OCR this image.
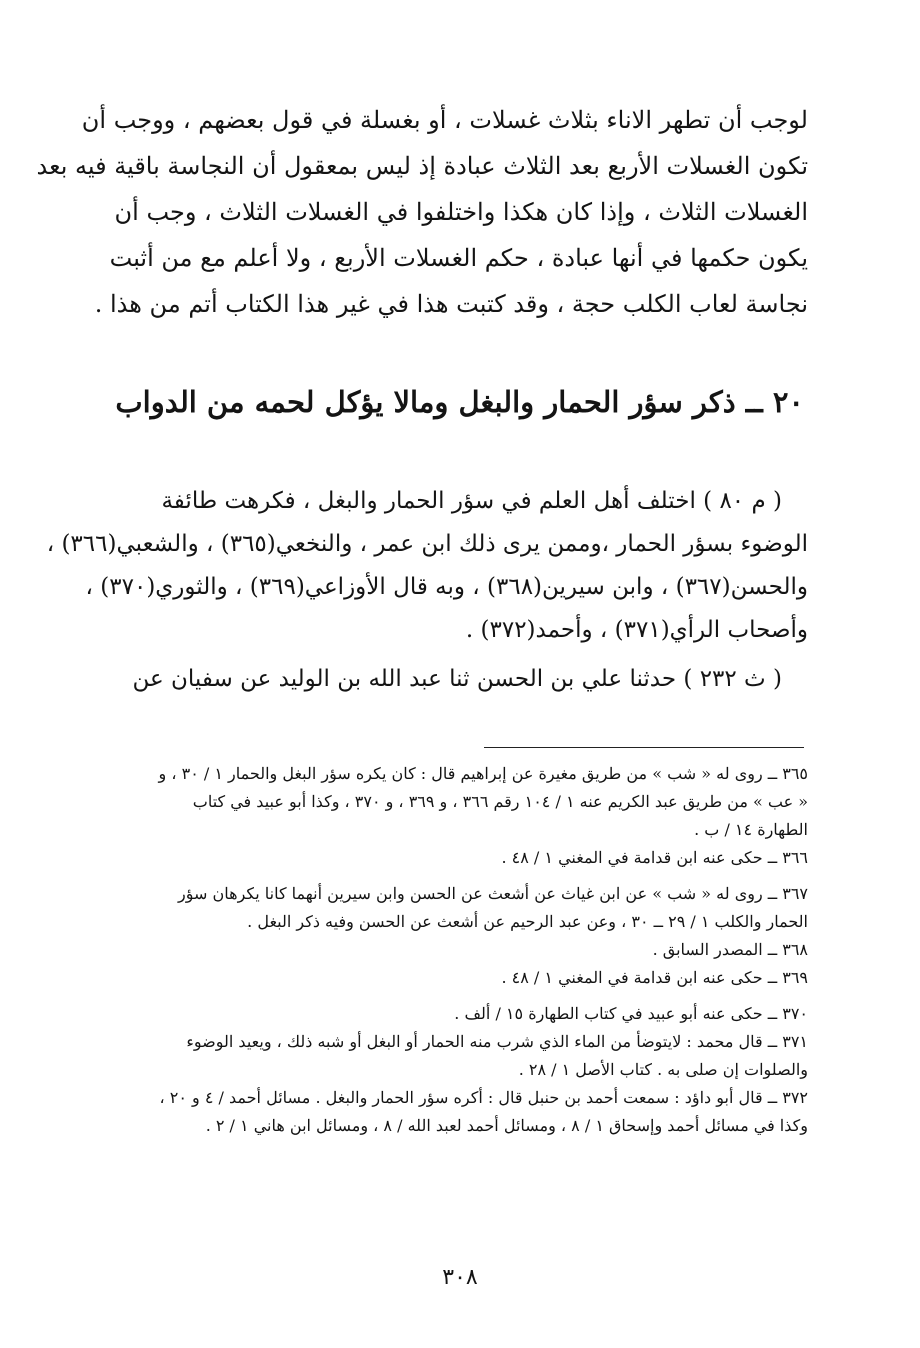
لوجب أن تطهر الاناء بثلاث غسلات ، أو بغسلة في قول بعضهم ، ووجب أن
تكون الغسلات الأربع بعد الثلاث عبادة إذ ليس بمعقول أن النجاسة باقية فيه بعد
الغسلات الثلاث ، وإذا كان هكذا واختلفوا في الغسلات الثلاث ، وجب أن
يكون حكمها في أنها عبادة ، حكم الغسلات الأربع ، ولا أعلم مع من أثبت
نجاسة لعاب الكلب حجة ، وقد كتبت هذا في غير هذا الكتاب أتم من هذا .
٢٠ ــ ذكر سؤر الحمار والبغل ومالا يؤكل لحمه من الدواب
( م ٨٠ ) اختلف أهل العلم في سؤر الحمار والبغل ، فكرهت طائفة
الوضوء بسؤر الحمار ،وممن يرى ذلك ابن عمر ، والنخعي(٣٦٥) ، والشعبي(٣٦٦) ،
والحسن(٣٦٧) ، وابن سيرين(٣٦٨) ، وبه قال الأوزاعي(٣٦٩) ، والثوري(٣٧٠) ،
وأصحاب الرأي(٣٧١) ، وأحمد(٣٧٢) .
( ث ٢٣٢ ) حدثنا علي بن الحسن ثنا عبد الله بن الوليد عن سفيان عن
٣٦٥ ــ روى له « شب » من طريق مغيرة عن إبراهيم قال : كان يكره سؤر البغل والحمار ١ / ٣٠ ، و
« عب » من طريق عبد الكريم عنه ١ / ١٠٤ رقم ٣٦٦ ، و ٣٦٩ ، و ٣٧٠ ، وكذا أبو عبيد في كتاب
الطهارة ١٤ / ب .
٣٦٦ ــ حكى عنه ابن قدامة في المغني ١ / ٤٨ .
٣٦٧ ــ روى له « شب » عن ابن غياث عن أشعث عن الحسن وابن سيرين أنهما كانا يكرهان سؤر
الحمار والكلب ١ / ٢٩ ــ ٣٠ ، وعن عبد الرحيم عن أشعث عن الحسن وفيه ذكر البغل .
٣٦٨ ــ المصدر السابق .
٣٦٩ ــ حكى عنه ابن قدامة في المغني ١ / ٤٨ .
٣٧٠ ــ حكى عنه أبو عبيد في كتاب الطهارة ١٥ / ألف .
٣٧١ ــ قال محمد : لايتوضأ من الماء الذي شرب منه الحمار أو البغل أو شبه ذلك ، ويعيد الوضوء
والصلوات إن صلى به . كتاب الأصل ١ / ٢٨ .
٣٧٢ ــ قال أبو داؤد : سمعت أحمد بن حنبل قال : أكره سؤر الحمار والبغل . مسائل أحمد / ٤ و ٢٠ ،
وكذا في مسائل أحمد وإسحاق ١ / ٨ ، ومسائل أحمد لعبد الله / ٨ ، ومسائل ابن هاني ١ / ٢ .
٣٠٨
